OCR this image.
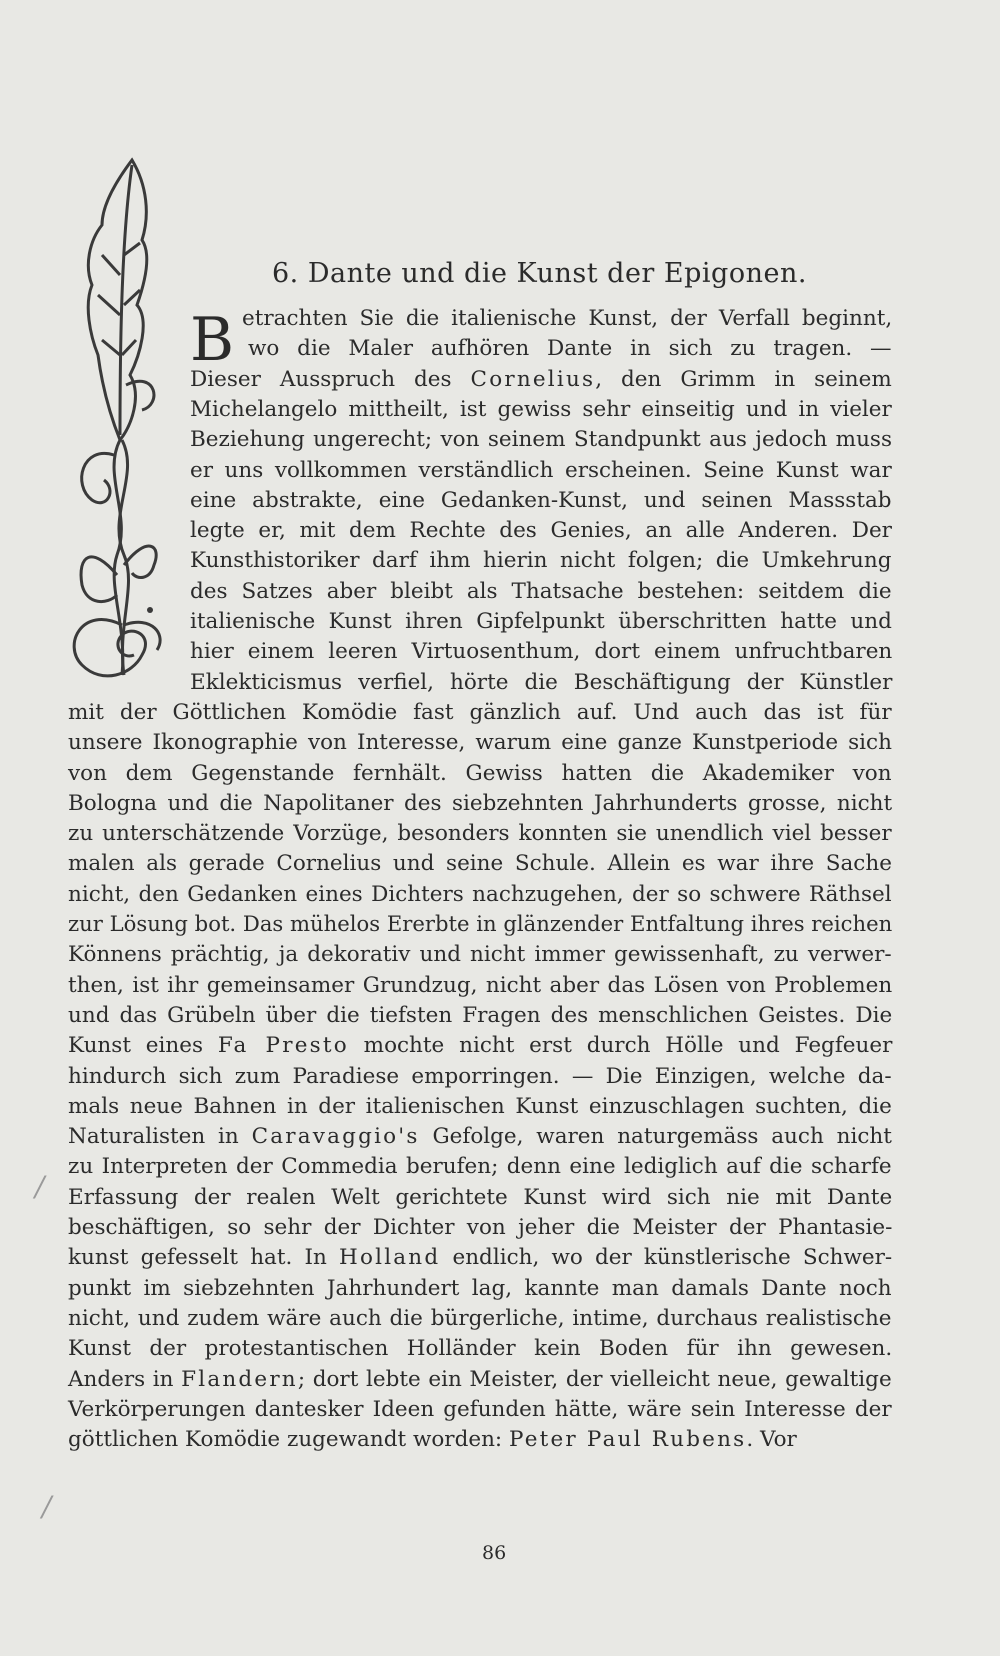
6. Dante und die Kunst der Epigonen.
B etrachten Sie die italienische Kunst, der Verfall beginnt,
wo die Maler aufhören Dante in sich zu tragen. —
Dieser Ausspruch des Cornelius, den Grimm in seinem
Michelangelo mittheilt, ist gewiss sehr einseitig und in vieler
Beziehung ungerecht; von seinem Standpunkt aus jedoch muss
er uns vollkommen verständlich erscheinen. Seine Kunst war
eine abstrakte, eine Gedanken-Kunst, und seinen Massstab
legte er, mit dem Rechte des Genies, an alle Anderen. Der
Kunsthistoriker darf ihm hierin nicht folgen; die Umkehrung
des Satzes aber bleibt als Thatsache bestehen: seitdem die
italienische Kunst ihren Gipfelpunkt überschritten hatte und
hier einem leeren Virtuosenthum, dort einem unfruchtbaren
Eklekticismus verfiel, hörte die Beschäftigung der Künstler
mit der Göttlichen Komödie fast gänzlich auf. Und auch das ist für
unsere Ikonographie von Interesse, warum eine ganze Kunstperiode sich
von dem Gegenstande fernhält. Gewiss hatten die Akademiker von
Bologna und die Napolitaner des siebzehnten Jahrhunderts grosse, nicht
zu unterschätzende Vorzüge, besonders konnten sie unendlich viel besser
malen als gerade Cornelius und seine Schule. Allein es war ihre Sache
nicht, den Gedanken eines Dichters nachzugehen, der so schwere Räthsel
zur Lösung bot. Das mühelos Ererbte in glänzender Entfaltung ihres reichen
Könnens prächtig, ja dekorativ und nicht immer gewissenhaft, zu verwer-
then, ist ihr gemeinsamer Grundzug, nicht aber das Lösen von Problemen
und das Grübeln über die tiefsten Fragen des menschlichen Geistes. Die
Kunst eines Fa Presto mochte nicht erst durch Hölle und Fegfeuer
hindurch sich zum Paradiese emporringen. — Die Einzigen, welche da-
mals neue Bahnen in der italienischen Kunst einzuschlagen suchten, die
Naturalisten in Caravaggio's Gefolge, waren naturgemäss auch nicht
zu Interpreten der Commedia berufen; denn eine lediglich auf die scharfe
Erfassung der realen Welt gerichtete Kunst wird sich nie mit Dante
beschäftigen, so sehr der Dichter von jeher die Meister der Phantasie-
kunst gefesselt hat. In Holland endlich, wo der künstlerische Schwer-
punkt im siebzehnten Jahrhundert lag, kannte man damals Dante noch
nicht, und zudem wäre auch die bürgerliche, intime, durchaus realistische
Kunst der protestantischen Holländer kein Boden für ihn gewesen.
Anders in Flandern; dort lebte ein Meister, der vielleicht neue, gewaltige
Verkörperungen dantesker Ideen gefunden hätte, wäre sein Interesse der
göttlichen Komödie zugewandt worden: Peter Paul Rubens. Vor
/
/
86
